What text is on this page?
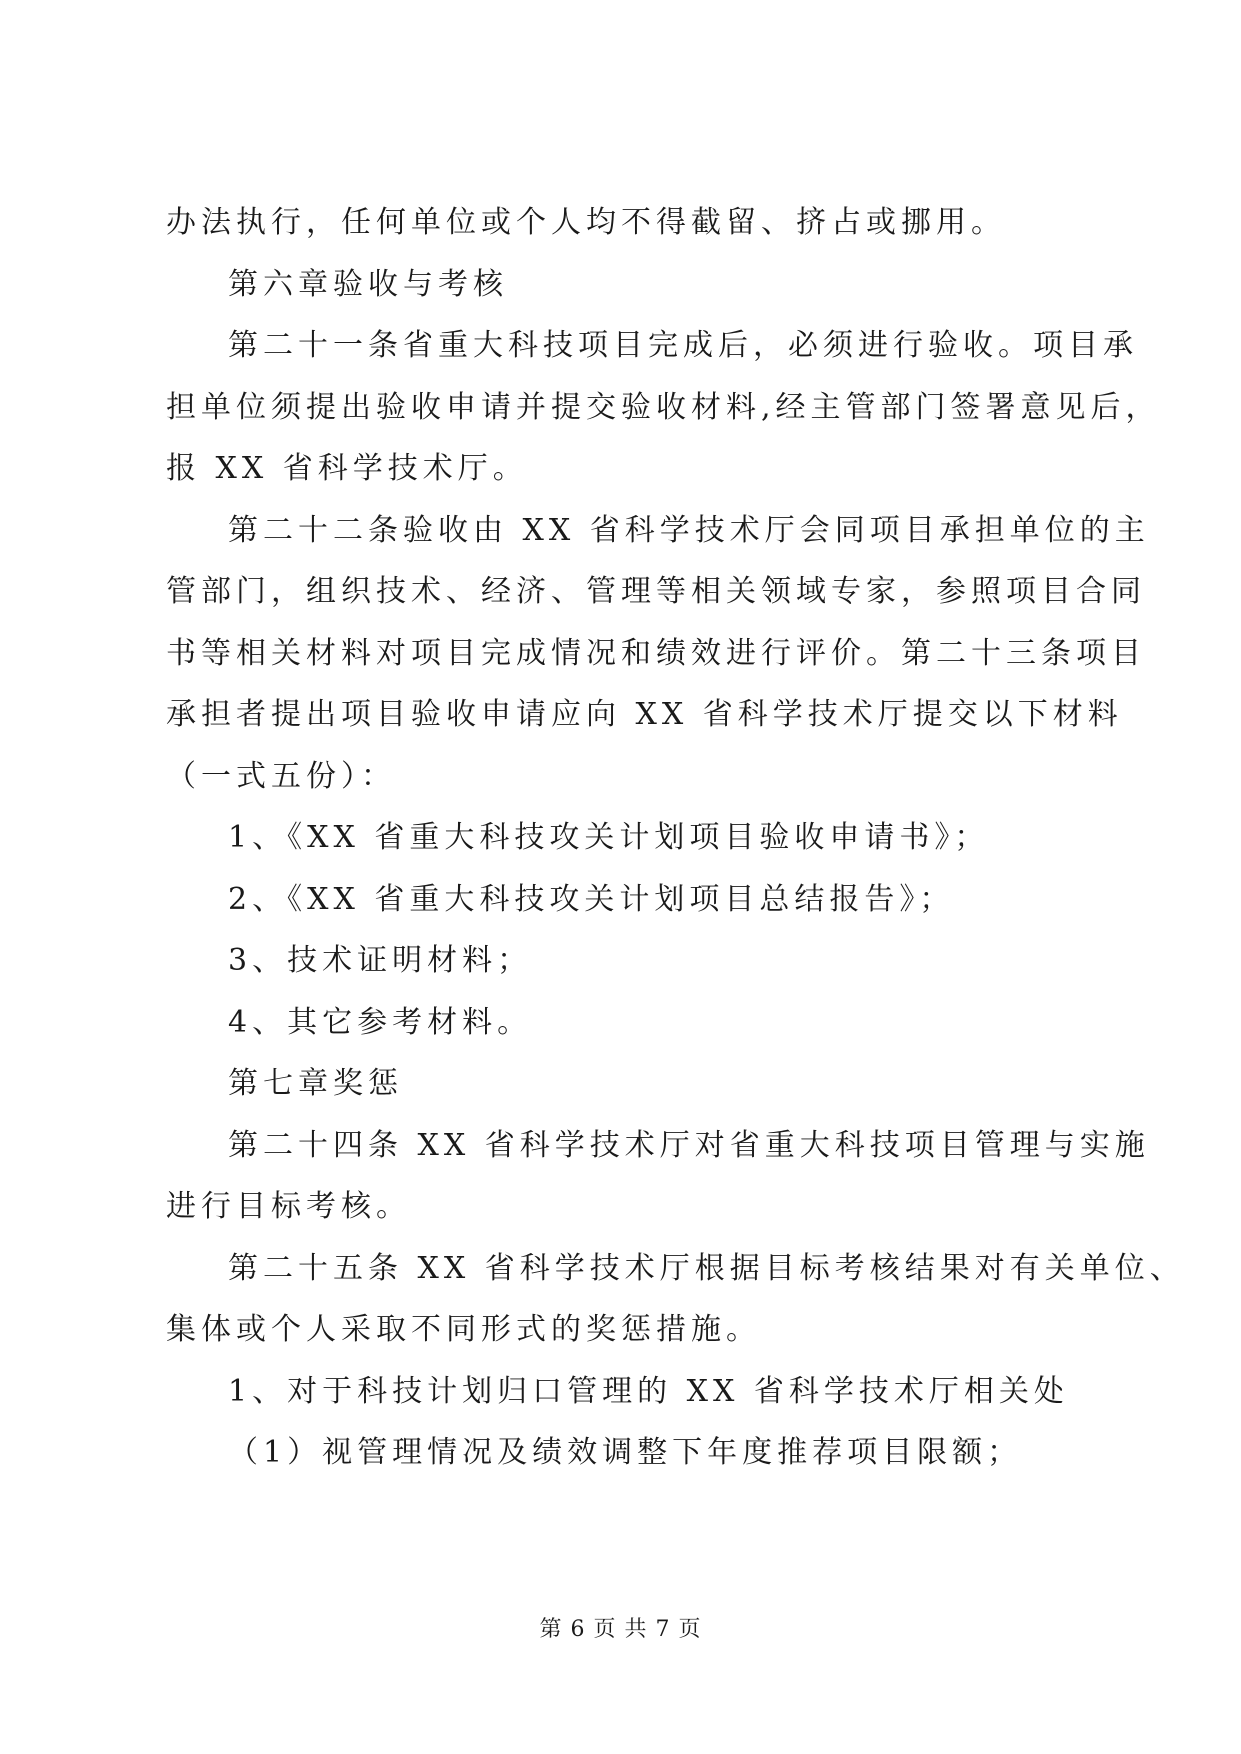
办法执行，任何单位或个人均不得截留、挤占或挪用。
第六章验收与考核
第二十一条省重大科技项目完成后，必须进行验收。项目承
担单位须提出验收申请并提交验收材料,经主管部门签署意见后，
报 XX 省科学技术厅。
第二十二条验收由 XX 省科学技术厅会同项目承担单位的主
管部门，组织技术、经济、管理等相关领域专家，参照项目合同
书等相关材料对项目完成情况和绩效进行评价。第二十三条项目
承担者提出项目验收申请应向 XX 省科学技术厅提交以下材料
（一式五份）：
1、《XX 省重大科技攻关计划项目验收申请书》；
2、《XX 省重大科技攻关计划项目总结报告》；
3、技术证明材料；
4、其它参考材料。
第七章奖惩
第二十四条 XX 省科学技术厅对省重大科技项目管理与实施
进行目标考核。
第二十五条 XX 省科学技术厅根据目标考核结果对有关单位、
集体或个人采取不同形式的奖惩措施。
1、对于科技计划归口管理的 XX 省科学技术厅相关处
（1）视管理情况及绩效调整下年度推荐项目限额；
第 6 页 共 7 页
